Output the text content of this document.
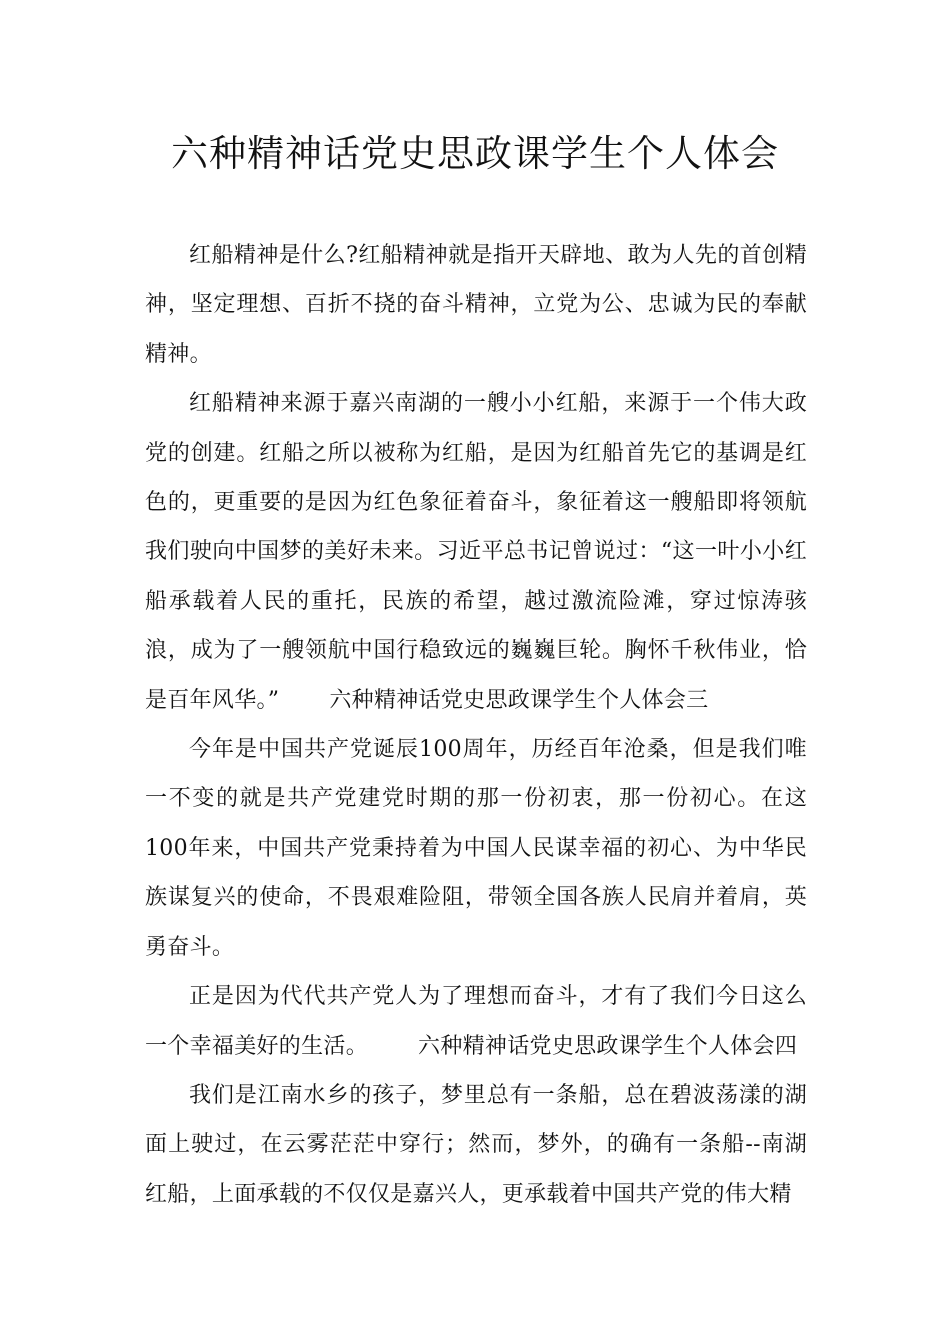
六种精神话党史思政课学生个人体会

红船精神是什么?红船精神就是指开天辟地、敢为人先的首创精神，坚定理想、百折不挠的奋斗精神，立党为公、忠诚为民的奉献精神。

红船精神来源于嘉兴南湖的一艘小小红船，来源于一个伟大政党的创建。红船之所以被称为红船，是因为红船首先它的基调是红色的，更重要的是因为红色象征着奋斗，象征着这一艘船即将领航我们驶向中国梦的美好未来。习近平总书记曾说过：“这一叶小小红船承载着人民的重托，民族的希望，越过激流险滩，穿过惊涛骇浪，成为了一艘领航中国行稳致远的巍巍巨轮。胸怀千秋伟业，恰是百年风华。” 六种精神话党史思政课学生个人体会三

今年是中国共产党诞辰100周年，历经百年沧桑，但是我们唯一不变的就是共产党建党时期的那一份初衷，那一份初心。在这100年来，中国共产党秉持着为中国人民谋幸福的初心、为中华民族谋复兴的使命，不畏艰难险阻，带领全国各族人民肩并着肩，英勇奋斗。

正是因为代代共产党人为了理想而奋斗，才有了我们今日这么一个幸福美好的生活。 六种精神话党史思政课学生个人体会四

我们是江南水乡的孩子，梦里总有一条船，总在碧波荡漾的湖面上驶过，在云雾茫茫中穿行；然而，梦外，的确有一条船--南湖红船，上面承载的不仅仅是嘉兴人，更承载着中国共产党的伟大精
